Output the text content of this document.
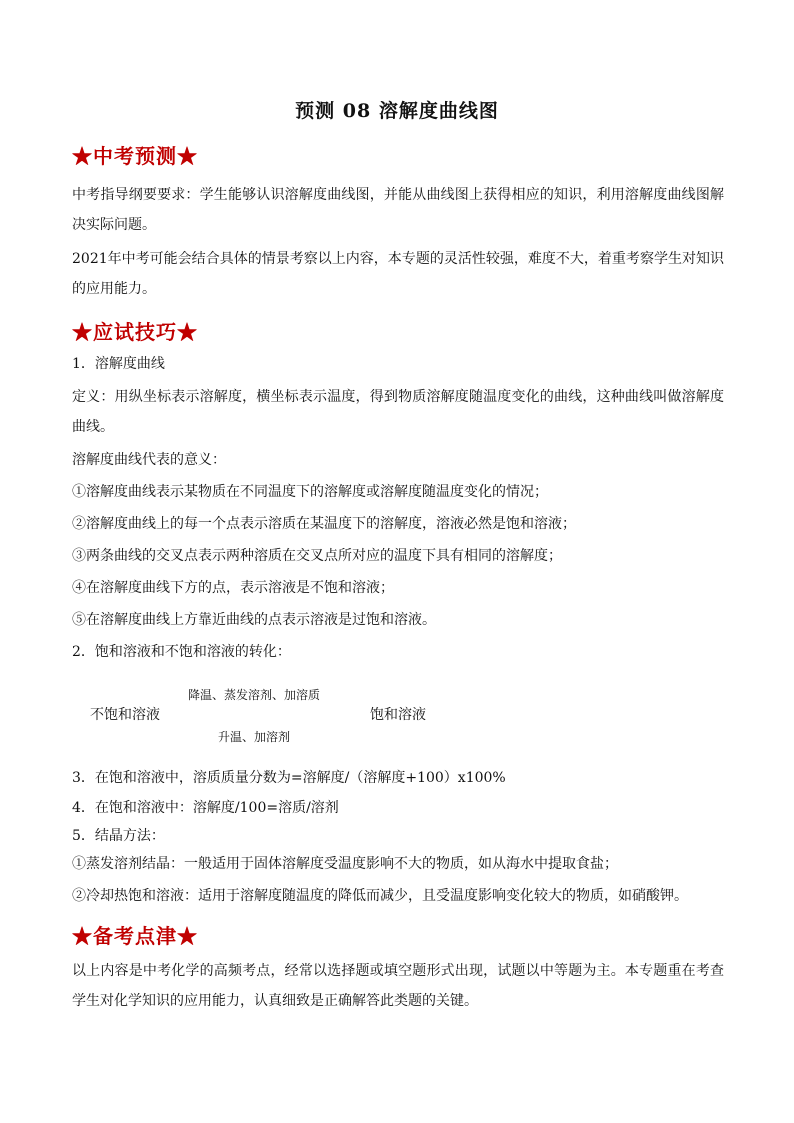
预测 08 溶解度曲线图
★中考预测★
中考指导纲要要求：学生能够认识溶解度曲线图，并能从曲线图上获得相应的知识，利用溶解度曲线图解决实际问题。
2021年中考可能会结合具体的情景考察以上内容，本专题的灵活性较强，难度不大，着重考察学生对知识的应用能力。
★应试技巧★
1．溶解度曲线
定义：用纵坐标表示溶解度，横坐标表示温度，得到物质溶解度随温度变化的曲线，这种曲线叫做溶解度曲线。
溶解度曲线代表的意义：
①溶解度曲线表示某物质在不同温度下的溶解度或溶解度随温度变化的情况；
②溶解度曲线上的每一个点表示溶质在某温度下的溶解度，溶液必然是饱和溶液；
③两条曲线的交叉点表示两种溶质在交叉点所对应的温度下具有相同的溶解度；
④在溶解度曲线下方的点，表示溶液是不饱和溶液；
⑤在溶解度曲线上方靠近曲线的点表示溶液是过饱和溶液。
2．饱和溶液和不饱和溶液的转化：
降温、蒸发溶剂、加溶质
不饱和溶液	饱和溶液
升温、加溶剂
3．在饱和溶液中，溶质质量分数为=溶解度/（溶解度+100）x100%
4．在饱和溶液中：溶解度/100=溶质/溶剂
5．结晶方法：
①蒸发溶剂结晶：一般适用于固体溶解度受温度影响不大的物质，如从海水中提取食盐；
②冷却热饱和溶液：适用于溶解度随温度的降低而减少，且受温度影响变化较大的物质，如硝酸钾。
★备考点津★
以上内容是中考化学的高频考点，经常以选择题或填空题形式出现，试题以中等题为主。本专题重在考查学生对化学知识的应用能力，认真细致是正确解答此类题的关键。
